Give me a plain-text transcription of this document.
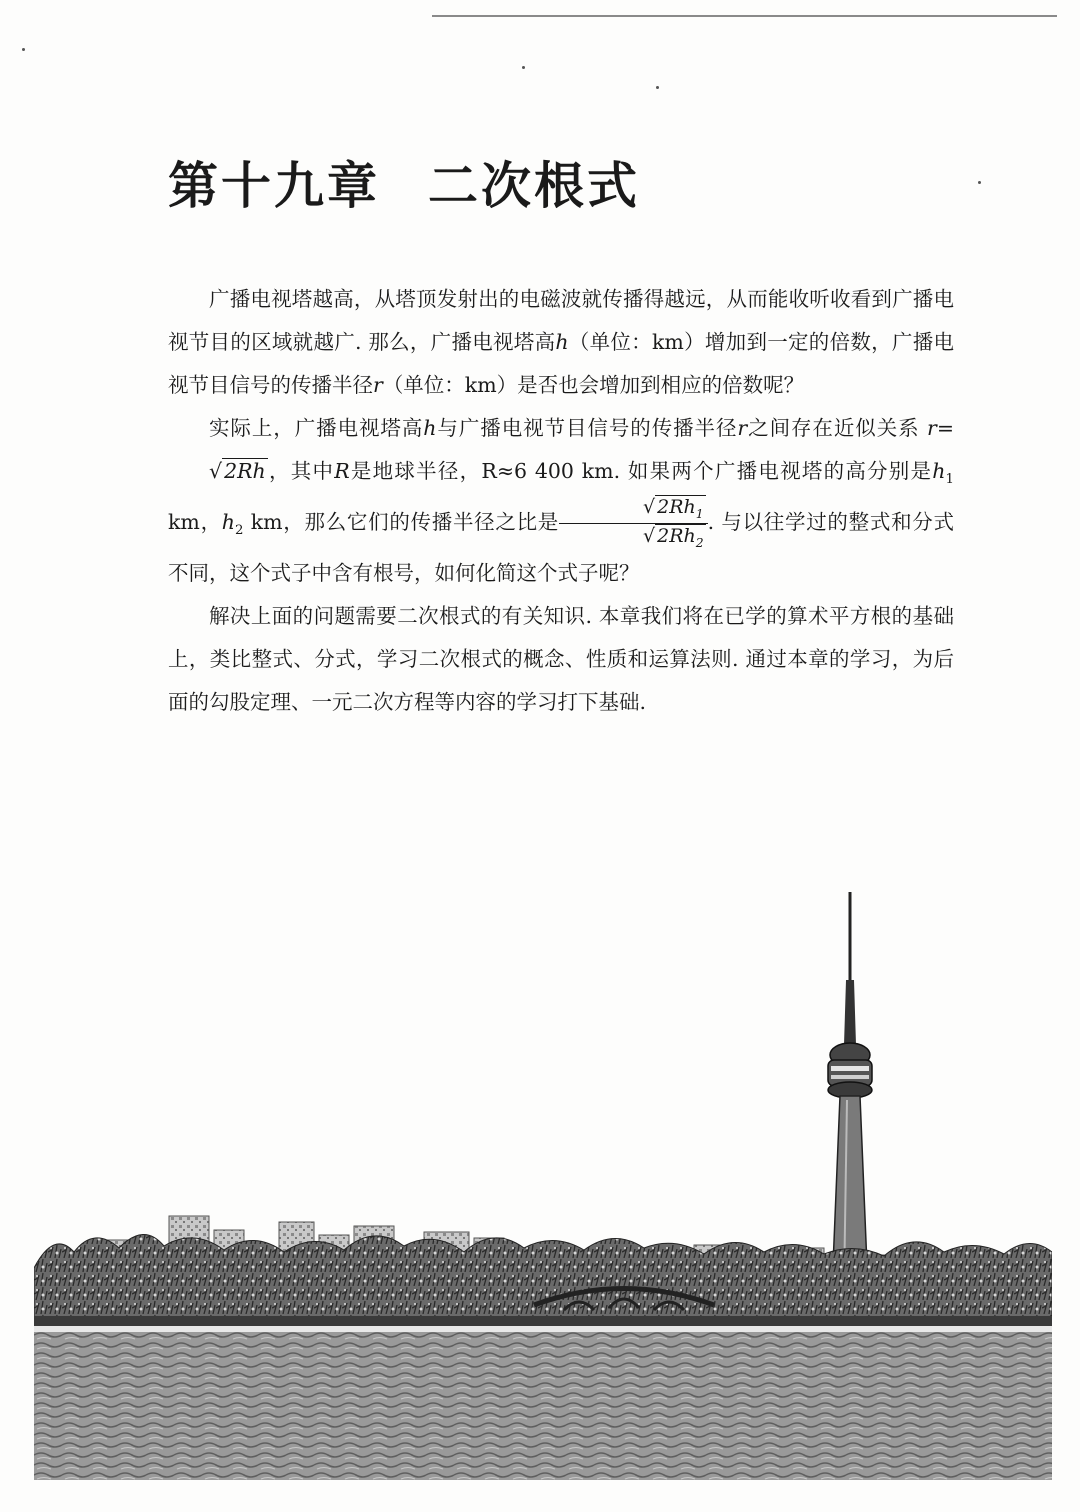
第十九章 二次根式

广播电视塔越高，从塔顶发射出的电磁波就传播得越远，从而能收听收看到广播电视节目的区域就越广. 那么，广播电视塔高h（单位：km）增加到一定的倍数，广播电视节目信号的传播半径r（单位：km）是否也会增加到相应的倍数呢？

实际上，广播电视塔高h与广播电视节目信号的传播半径r之间存在近似关系 r=√2Rh，其中R是地球半径，R≈6 400 km. 如果两个广播电视塔的高分别是$h_1$ km，$h_2$ km，那么它们的传播半径之比是 $\frac{√ 2Rh_1}{√ 2Rh_2}$ . 与以往学过的整式和分式不同，这个式子中含有根号，如何化简这个式子呢？

解决上面的问题需要二次根式的有关知识. 本章我们将在已学的算术平方根的基础上，类比整式、分式，学习二次根式的概念、性质和运算法则. 通过本章的学习，为后面的勾股定理、一元二次方程等内容的学习打下基础.
